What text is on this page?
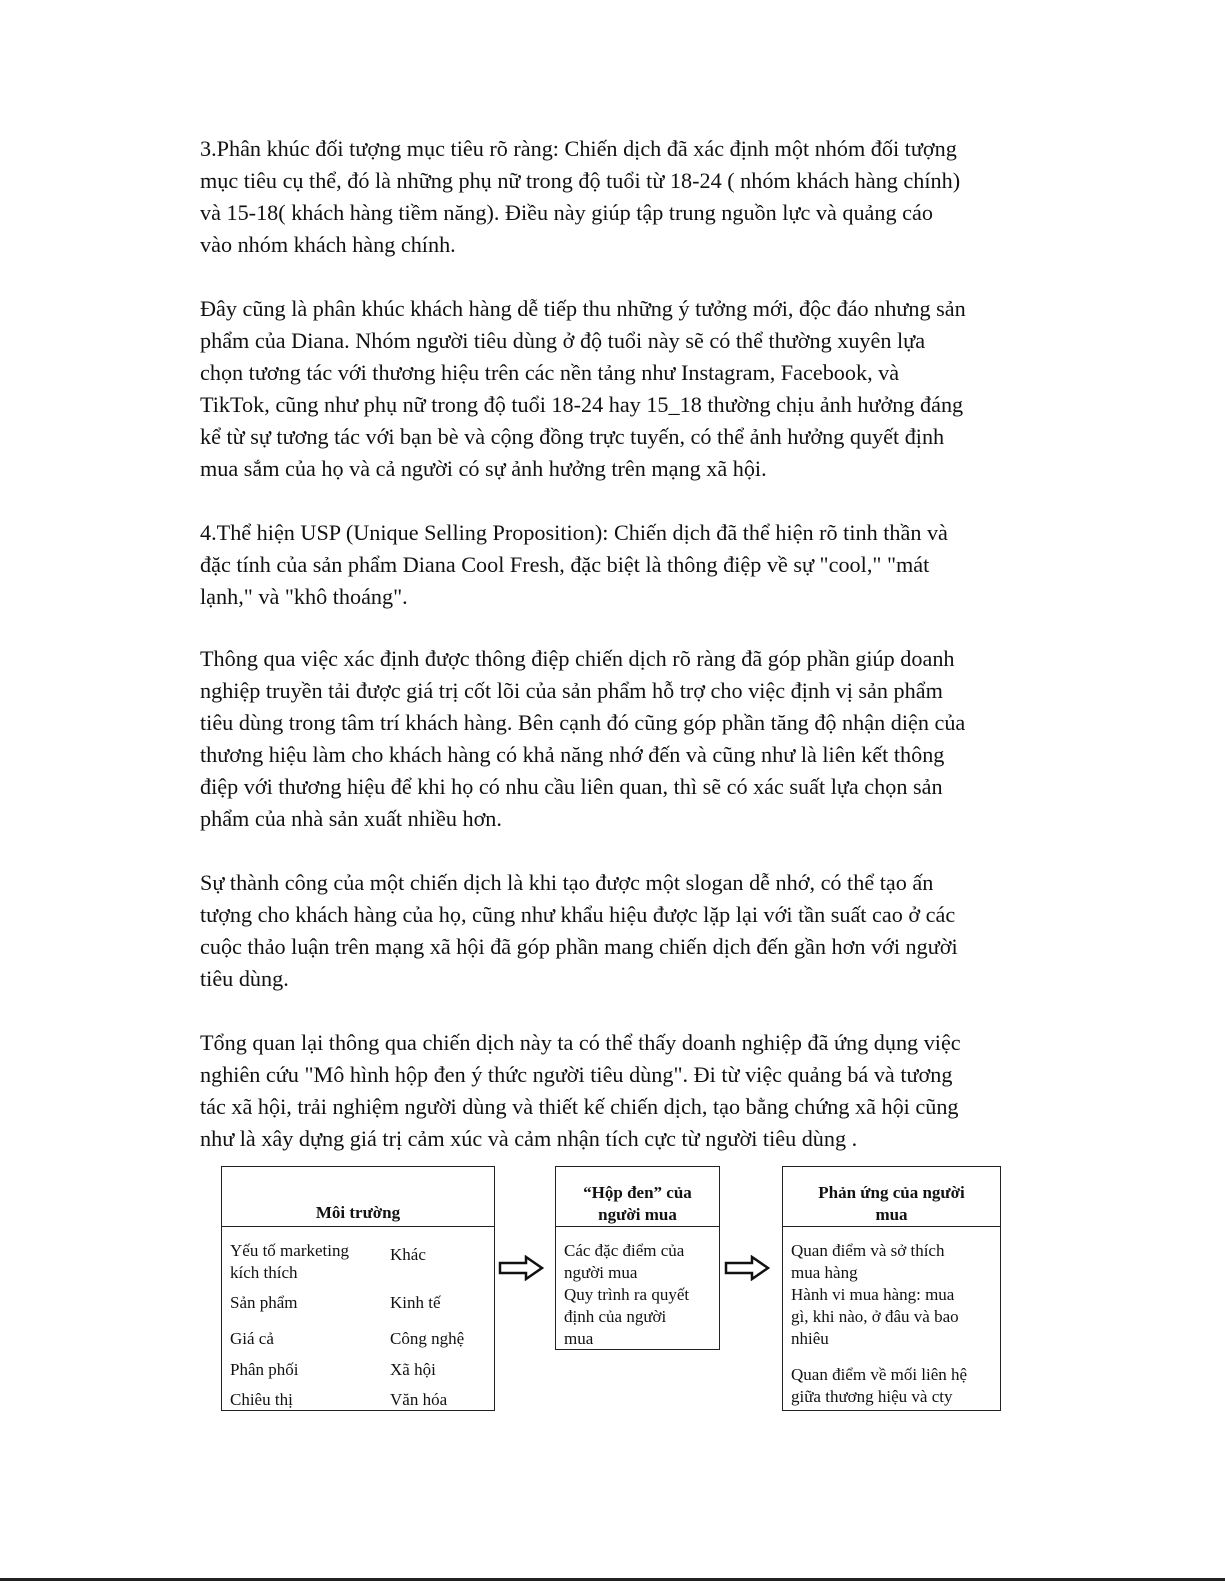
3.Phân khúc đối tượng mục tiêu rõ ràng: Chiến dịch đã xác định một nhóm đối tượng
mục tiêu cụ thể, đó là những phụ nữ trong độ tuổi từ 18-24 ( nhóm khách hàng chính)
và 15-18( khách hàng tiềm năng). Điều này giúp tập trung nguồn lực và quảng cáo
vào nhóm khách hàng chính.
Đây cũng là phân khúc khách hàng dễ tiếp thu những ý tưởng mới, độc đáo nhưng sản
phẩm của Diana. Nhóm người tiêu dùng ở độ tuổi này sẽ có thể thường xuyên lựa
chọn tương tác với thương hiệu trên các nền tảng như Instagram, Facebook, và
TikTok, cũng như phụ nữ trong độ tuổi 18-24 hay 15_18 thường chịu ảnh hưởng đáng
kể từ sự tương tác với bạn bè và cộng đồng trực tuyến, có thể ảnh hưởng quyết định
mua sắm của họ và cả người có sự ảnh hưởng trên mạng xã hội.
4.Thể hiện USP (Unique Selling Proposition): Chiến dịch đã thể hiện rõ tinh thần và
đặc tính của sản phẩm Diana Cool Fresh, đặc biệt là thông điệp về sự "cool," "mát
lạnh," và "khô thoáng".
Thông qua việc xác định được thông điệp chiến dịch rõ ràng đã góp phần giúp doanh
nghiệp truyền tải được giá trị cốt lõi của sản phẩm hỗ trợ cho việc định vị sản phẩm
tiêu dùng trong tâm trí khách hàng. Bên cạnh đó cũng góp phần tăng độ nhận diện của
thương hiệu làm cho khách hàng có khả năng nhớ đến và cũng như là liên kết thông
điệp với thương hiệu để khi họ có nhu cầu liên quan, thì sẽ có xác suất lựa chọn sản
phẩm của nhà sản xuất nhiều hơn.
Sự thành công của một chiến dịch là khi tạo được một slogan dễ nhớ, có thể tạo ấn
tượng cho khách hàng của họ, cũng như khẩu hiệu được lặp lại với tần suất cao ở các
cuộc thảo luận trên mạng xã hội đã góp phần mang chiến dịch đến gần hơn với người
tiêu dùng.
Tổng quan lại thông qua chiến dịch này ta có thể thấy doanh nghiệp đã ứng dụng việc
nghiên cứu "Mô hình hộp đen ý thức người tiêu dùng". Đi từ việc quảng bá và tương
tác xã hội, trải nghiệm người dùng và thiết kế chiến dịch, tạo bằng chứng xã hội cũng
như là xây dựng giá trị cảm xúc và cảm nhận tích cực từ người tiêu dùng .
Môi trường
Yếu tố marketing
kích thích
Sản phẩm
Giá cả
Phân phối
Chiêu thị
Khác
Kinh tế
Công nghệ
Xã hội
Văn hóa
“Hộp đen” của
người mua
Các đặc điểm của
người mua
Quy trình ra quyết
định của người
mua
Phản ứng của người
mua
Quan điểm và sở thích
mua hàng
Hành vi mua hàng: mua
gì, khi nào, ở đâu và bao
nhiêu
Quan điểm về mối liên hệ
giữa thương hiệu và cty
